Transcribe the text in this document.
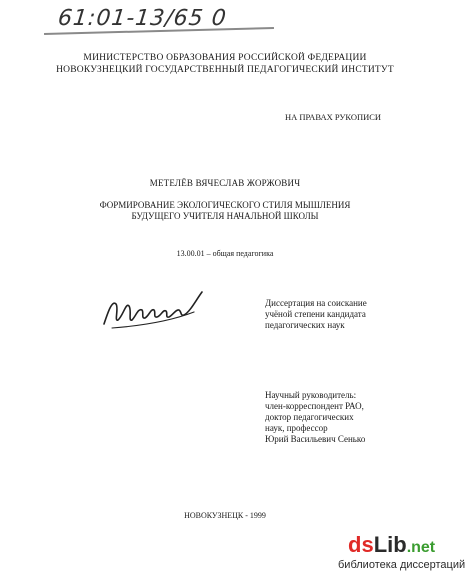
61:01-13/65 0
МИНИСТЕРСТВО ОБРАЗОВАНИЯ РОССИЙСКОЙ ФЕДЕРАЦИИ
НОВОКУЗНЕЦКИЙ ГОСУДАРСТВЕННЫЙ ПЕДАГОГИЧЕСКИЙ ИНСТИТУТ
НА ПРАВАХ РУКОПИСИ
МЕТЕЛЁВ ВЯЧЕСЛАВ ЖОРЖОВИЧ
ФОРМИРОВАНИЕ ЭКОЛОГИЧЕСКОГО СТИЛЯ МЫШЛЕНИЯ
БУДУЩЕГО УЧИТЕЛЯ НАЧАЛЬНОЙ ШКОЛЫ
13.00.01 – общая педагогика
Диссертация на соискание
учёной степени кандидата
педагогических наук
Научный руководитель:
член-корреспондент РАО,
доктор педагогических
наук, профессор
Юрий Васильевич Сенько
НОВОКУЗНЕЦК - 1999
dsLib.net
библиотека диссертаций
